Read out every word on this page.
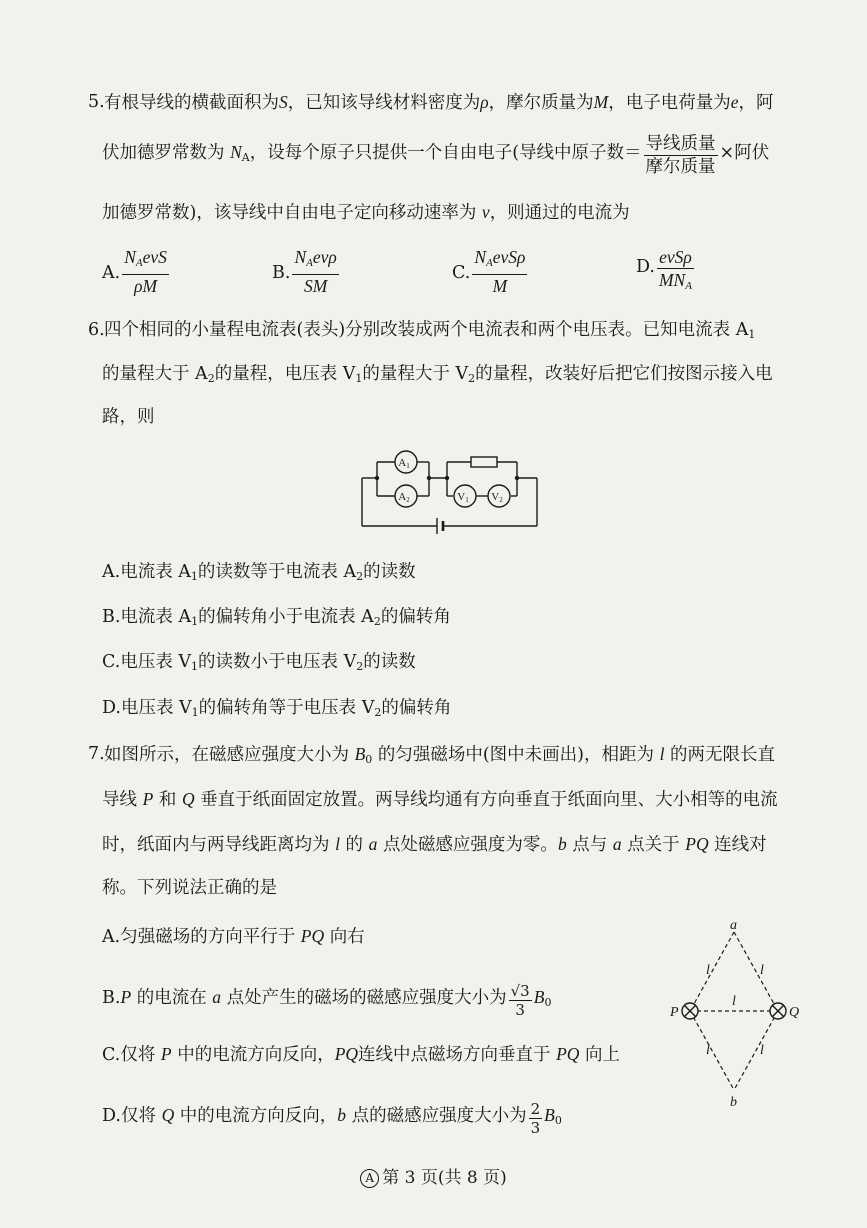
5. 有根导线的横截面积为S，已知该导线材料密度为ρ，摩尔质量为M，电子电荷量为e，阿
伏加德罗常数为 $N_A$，设每个原子只提供一个自由电子(导线中原子数＝ $\frac{\text{导线质量}}{\text{摩尔质量}}$ ×阿伏
加德罗常数)，该导线中自由电子定向移动速率为 v，则通过的电流为
A. $\frac{N_AevS}{\rho M}$	B. $\frac{N_Aev\rho}{SM}$	C. $\frac{N_AevS\rho}{M}$	D. $\frac{\text{evSρ}}{MN_A}$
6. 四个相同的小量程电流表(表头)分别改装成两个电流表和两个电压表。已知电流表 $A_1$
的量程大于 $A_2$的量程，电压表 $V_1$的量程大于 $V_2$的量程，改装好后把它们按图示接入电
路，则
A1
A2	V1 V2
A.电流表 $A_1$的读数等于电流表 $A_2$的读数
B.电流表 $A_1$的偏转角小于电流表 $A_2$的偏转角
C.电压表 $V_1$的读数小于电压表 $V_2$的读数
D.电压表 $V_1$的偏转角等于电压表 $V_2$的偏转角
7. 如图所示，在磁感应强度大小为 $B_0$ 的匀强磁场中(图中未画出)，相距为 l 的两无限长直
导线 P 和 Q 垂直于纸面固定放置。两导线均通有方向垂直于纸面向里、大小相等的电流
时，纸面内与两导线距离均为 l 的 a 点处磁感应强度为零。b 点与 a 点关于 PQ 连线对
称。下列说法正确的是
A.匀强磁场的方向平行于 PQ 向右
B.P 的电流在 a 点处产生的磁场的磁感应强度大小为 $\frac{√3}{3} B_0$
C.仅将 P 中的电流方向反向，PQ连线中点磁场方向垂直于 PQ 向上
D.仅将 Q 中的电流方向反向，b 点的磁感应强度大小为 $\frac{2}{3} B_0$
a
b
P	Q
l	l
l
l	l
A 第 3 页(共 8 页)
